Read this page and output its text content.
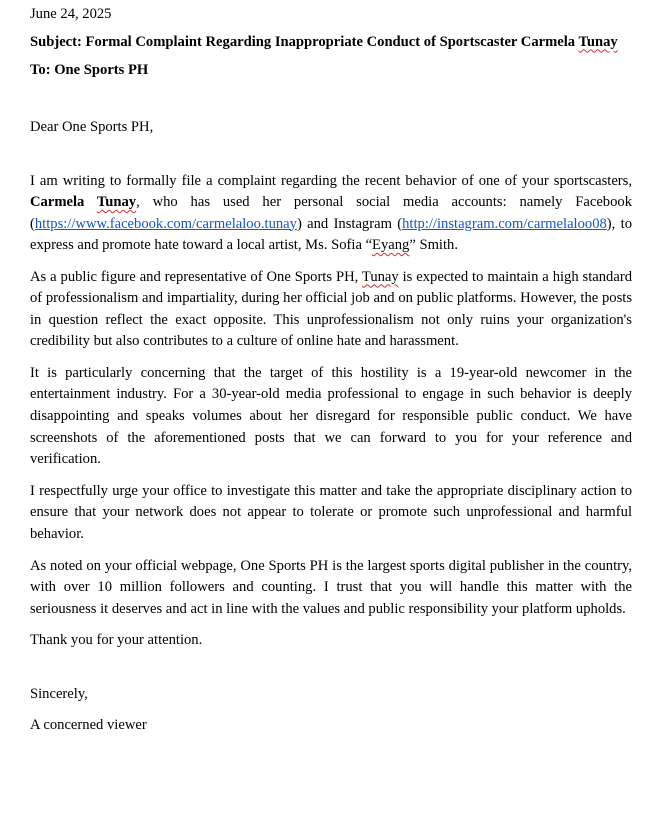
June 24, 2025

Subject: Formal Complaint Regarding Inappropriate Conduct of Sportscaster Carmela Tunay

To: One Sports PH

Dear One Sports PH,

I am writing to formally file a complaint regarding the recent behavior of one of your sportscasters, Carmela Tunay, who has used her personal social media accounts: namely Facebook (https://www.facebook.com/carmelaloo.tunay) and Instagram (http://instagram.com/carmelaloo08), to express and promote hate toward a local artist, Ms. Sofia “Eyang” Smith.

As a public figure and representative of One Sports PH, Tunay is expected to maintain a high standard of professionalism and impartiality, during her official job and on public platforms. However, the posts in question reflect the exact opposite. This unprofessionalism not only ruins your organization's credibility but also contributes to a culture of online hate and harassment.

It is particularly concerning that the target of this hostility is a 19-year-old newcomer in the entertainment industry. For a 30-year-old media professional to engage in such behavior is deeply disappointing and speaks volumes about her disregard for responsible public conduct. We have screenshots of the aforementioned posts that we can forward to you for your reference and verification.

I respectfully urge your office to investigate this matter and take the appropriate disciplinary action to ensure that your network does not appear to tolerate or promote such unprofessional and harmful behavior.

As noted on your official webpage, One Sports PH is the largest sports digital publisher in the country, with over 10 million followers and counting. I trust that you will handle this matter with the seriousness it deserves and act in line with the values and public responsibility your platform upholds.

Thank you for your attention.

Sincerely,

A concerned viewer
